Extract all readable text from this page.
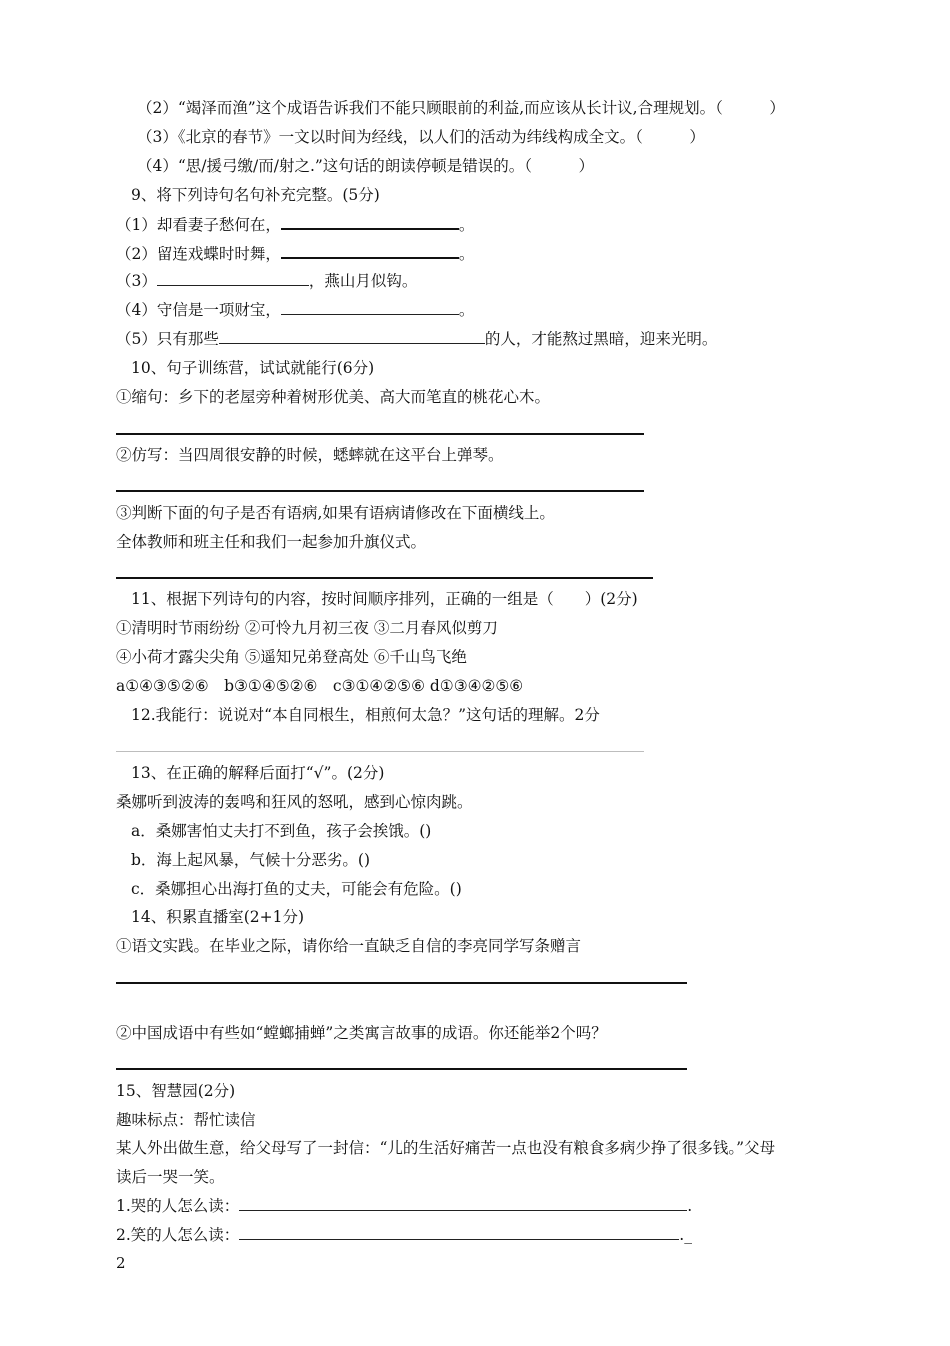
（2）“竭泽而渔”这个成语告诉我们不能只顾眼前的利益,而应该从长计议,合理规划。（　　　）
（3）《北京的春节》一文以时间为经线，以人们的活动为纬线构成全文。（　　　）
（4）“思/援弓缴/而/射之.”这句话的朗读停顿是错误的。（　　　）
9、将下列诗句名句补充完整。(5分)
（1）却看妻子愁何在，	。
（2）留连戏蝶时时舞，	。
（3）	，燕山月似钩。
（4）守信是一项财宝，	。
（5）只有那些	的人，才能熬过黑暗，迎来光明。
10、句子训练营，试试就能行(6分)
①缩句：乡下的老屋旁种着树形优美、高大而笔直的桃花心木。
②仿写：当四周很安静的时候，蟋蟀就在这平台上弹琴。
③判断下面的句子是否有语病,如果有语病请修改在下面横线上。
全体教师和班主任和我们一起参加升旗仪式。
11、根据下列诗句的内容，按时间顺序排列，正确的一组是（　　）(2分)
①清明时节雨纷纷 ②可怜九月初三夜 ③二月春风似剪刀
④小荷才露尖尖角 ⑤遥知兄弟登高处 ⑥千山鸟飞绝
a①④③⑤②⑥　b③①④⑤②⑥　c③①④②⑤⑥ d①③④②⑤⑥
12.我能行：说说对“本自同根生，相煎何太急？”这句话的理解。2分
13、在正确的解释后面打“√”。(2分)
桑娜听到波涛的轰鸣和狂风的怒吼，感到心惊肉跳。
a．桑娜害怕丈夫打不到鱼，孩子会挨饿。()
b．海上起风暴，气候十分恶劣。()
c．桑娜担心出海打鱼的丈夫，可能会有危险。()
14、积累直播室(2+1分)
①语文实践。在毕业之际，请你给一直缺乏自信的李亮同学写条赠言
②中国成语中有些如“螳螂捕蝉”之类寓言故事的成语。你还能举2个吗？
15、智慧园(2分)
趣味标点：帮忙读信
某人外出做生意，给父母写了一封信：“儿的生活好痛苦一点也没有粮食多病少挣了很多钱。”父母
读后一哭一笑。
1.哭的人怎么读：	.
2.笑的人怎么读：	._
2
